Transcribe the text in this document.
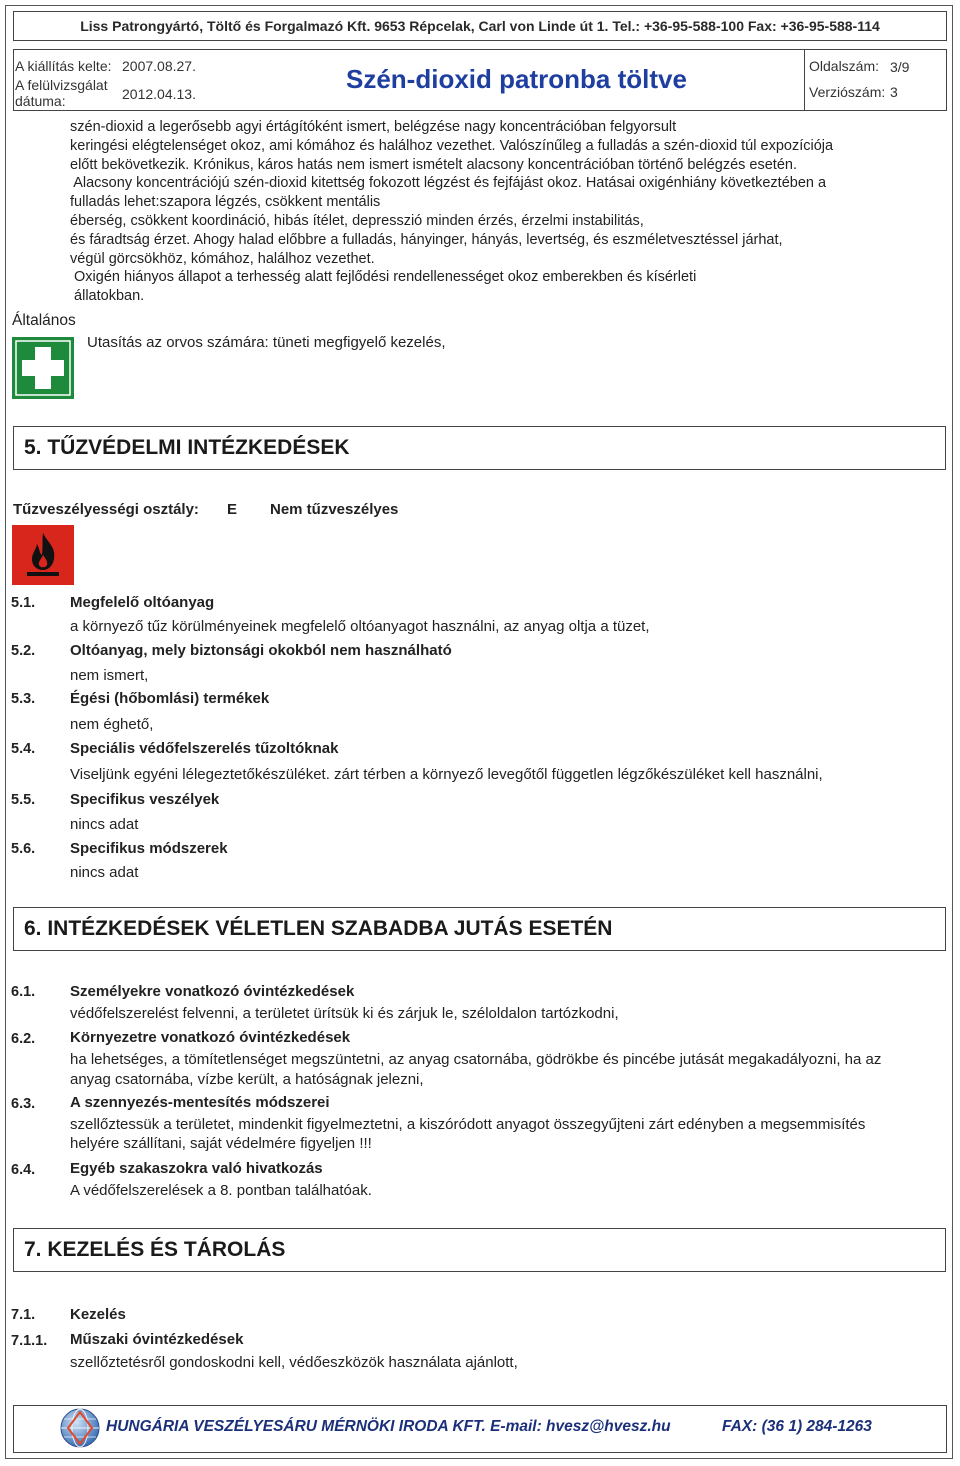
Liss Patrongyártó, Töltő és Forgalmazó Kft. 9653 Répcelak, Carl von Linde út 1. Tel.: +36-95-588-100 Fax: +36-95-588-114
A kiállítás kelte: 2007.08.27.
A felülvizsgálat
dátuma:	2012.04.13.	Szén-dioxid patronba töltve	Oldalszám: 3/9
Verziószám: 3
szén-dioxid a legerősebb agyi értágítóként ismert, belégzése nagy koncentrációban felgyorsult
keringési elégtelenséget okoz, ami kómához és halálhoz vezethet. Valószínűleg a fulladás a szén-dioxid túl expozíciója
előtt bekövetkezik. Krónikus, káros hatás nem ismert ismételt alacsony koncentrációban történő belégzés esetén.
Alacsony koncentrációjú szén-dioxid kitettség fokozott légzést és fejfájást okoz. Hatásai oxigénhiány következtében a
fulladás lehet:szapora légzés, csökkent mentális
éberség, csökkent koordináció, hibás ítélet, depresszió minden érzés, érzelmi instabilitás,
és fáradtság érzet. Ahogy halad előbbre a fulladás, hányinger, hányás, levertség, és eszméletvesztéssel járhat,
végül görcsökhöz, kómához, halálhoz vezethet.
Oxigén hiányos állapot a terhesség alatt fejlődési rendellenességet okoz emberekben és kísérleti
állatokban.
Általános
Utasítás az orvos számára: tüneti megfigyelő kezelés,
5. TŰZVÉDELMI INTÉZKEDÉSEK
Tűzveszélyességi osztály: E Nem tűzveszélyes
5.1. Megfelelő oltóanyag
a környező tűz körülményeinek megfelelő oltóanyagot használni, az anyag oltja a tüzet,
5.2. Oltóanyag, mely biztonsági okokból nem használható
nem ismert,
5.3. Égési (hőbomlási) termékek
nem éghető,
5.4. Speciális védőfelszerelés tűzoltóknak
Viseljünk egyéni lélegeztetőkészüléket. zárt térben a környező levegőtől független légzőkészüléket kell használni,
5.5. Specifikus veszélyek
nincs adat
5.6. Specifikus módszerek
nincs adat
6. INTÉZKEDÉSEK VÉLETLEN SZABADBA JUTÁS ESETÉN
6.1. Személyekre vonatkozó óvintézkedések
védőfelszerelést felvenni, a területet ürítsük ki és zárjuk le, széloldalon tartózkodni,
6.2. Környezetre vonatkozó óvintézkedések
ha lehetséges, a tömítetlenséget megszüntetni, az anyag csatornába, gödrökbe és pincébe jutását megakadályozni, ha az
anyag csatornába, vízbe került, a hatóságnak jelezni,
6.3. A szennyezés-mentesítés módszerei
szellőztessük a területet, mindenkit figyelmeztetni, a kiszóródott anyagot összegyűjteni zárt edényben a megsemmisítés
helyére szállítani, saját védelmére figyeljen !!!
6.4. Egyéb szakaszokra való hivatkozás
A védőfelszerelések a 8. pontban találhatóak.
7. KEZELÉS ÉS TÁROLÁS
7.1. Kezelés
7.1.1. Műszaki óvintézkedések
szellőztetésről gondoskodni kell, védőeszközök használata ajánlott,
HUNGÁRIA VESZÉLYESÁRU MÉRNÖKI IRODA KFT. E-mail: hvesz@hvesz.hu	FAX: (36 1) 284-1263
